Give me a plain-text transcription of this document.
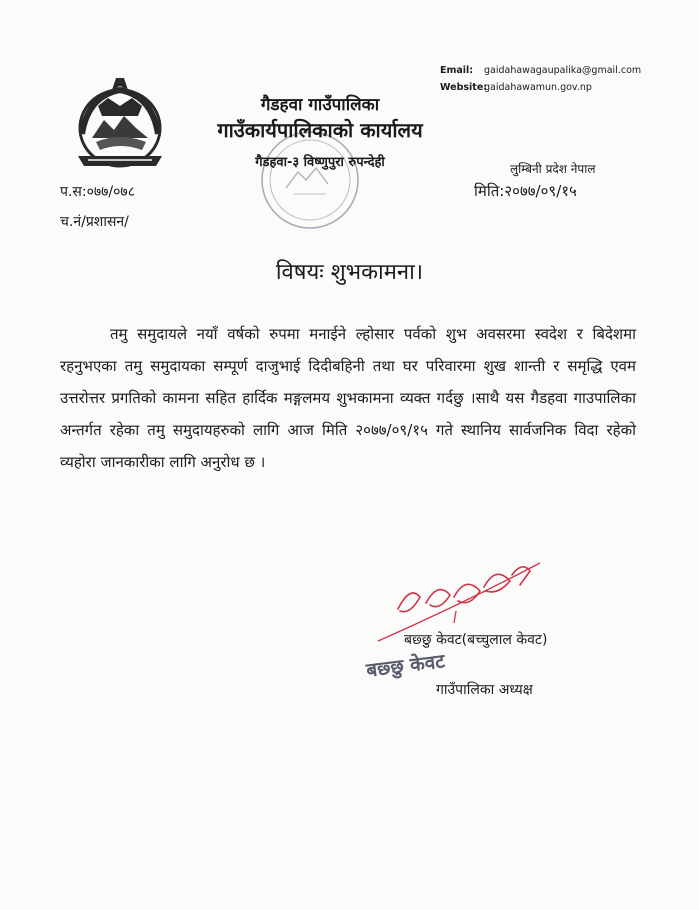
Email: gaidahawagaupalika@gmail.com
Website:gaidahawamun.gov.np
गैडहवा गाउँपालिका
गाउँकार्यपालिकाको कार्यालय
गैडहवा-३ विष्णुपुरा रुपन्देही	लुम्बिनी प्रदेश नेपाल
मिति:२०७७/०९/१५
प.स:०७७/०७८
च.नं/प्रशासन/
विषयः शुभकामना।

तमु समुदायले नयाँ वर्षको रुपमा मनाईने ल्होसार पर्वको शुभ अवसरमा स्वदेश र बिदेशमा रहनुभएका तमु समुदायका सम्पूर्ण दाजुभाई दिदीबहिनी तथा घर परिवारमा शुख शान्ती र समृद्धि एवम उत्तरोत्तर प्रगतिको कामना सहित हार्दिक मङ्गलमय शुभकामना व्यक्त गर्दछु ।साथै यस गैडहवा गाउपालिका अन्तर्गत रहेका तमु समुदायहरुको लागि आज मिति २०७७/०९/१५ गते स्थानिय सार्वजनिक विदा रहेको व्यहोरा जानकारीका लागि अनुरोध छ ।

बछ्छु केवट(बच्चुलाल केवट)
बछ्छु केवट
गाउँपालिका अध्यक्ष
